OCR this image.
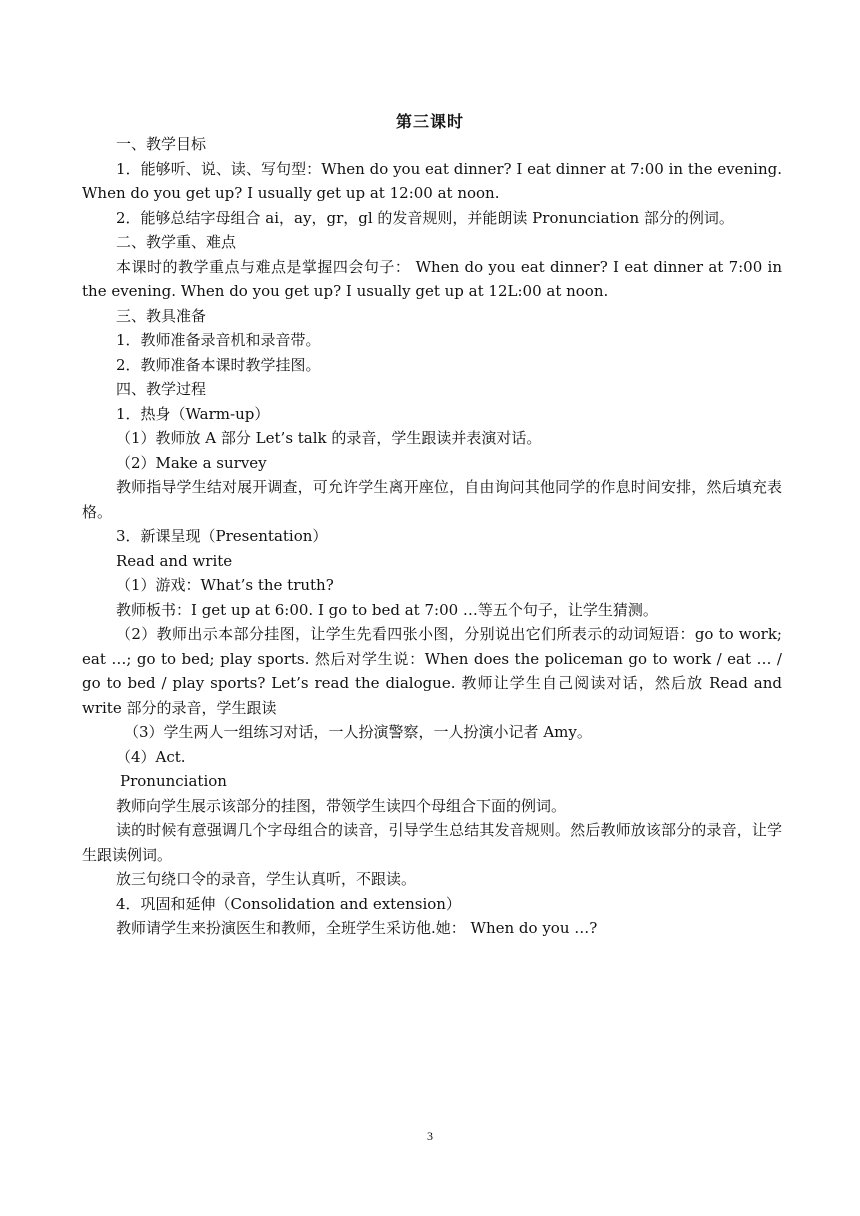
第三课时

一、教学目标

1．能够听、说、读、写句型：When do you eat dinner? I eat dinner at 7:00 in the evening. When do you get up? I usually get up at 12:00 at noon.

2．能够总结字母组合 ai，ay，gr，gl 的发音规则，并能朗读 Pronunciation 部分的例词。

二、教学重、难点

本课时的教学重点与难点是掌握四会句子： When do you eat dinner? I eat dinner at 7:00 in the evening. When do you get up? I usually get up at 12L:00 at noon.

三、教具准备

1．教师准备录音机和录音带。

2．教师准备本课时教学挂图。

四、教学过程

1．热身（Warm-up）

（1）教师放 A 部分 Let’s talk 的录音，学生跟读并表演对话。

（2）Make a survey

教师指导学生结对展开调查，可允许学生离开座位，自由询问其他同学的作息时间安排，然后填充表格。

3．新课呈现（Presentation）

Read and write

（1）游戏：What’s the truth?

教师板书：I get up at 6:00. I go to bed at 7:00 …等五个句子，让学生猜测。

（2）教师出示本部分挂图，让学生先看四张小图，分别说出它们所表示的动词短语：go to work; eat …; go to bed; play sports. 然后对学生说：When does the policeman go to work / eat … / go to bed / play sports? Let’s read the dialogue. 教师让学生自己阅读对话，然后放 Read and write 部分的录音，学生跟读

（3）学生两人一组练习对话，一人扮演警察，一人扮演小记者 Amy。

（4）Act.

Pronunciation

教师向学生展示该部分的挂图，带领学生读四个母组合下面的例词。

读的时候有意强调几个字母组合的读音，引导学生总结其发音规则。然后教师放该部分的录音，让学生跟读例词。

放三句绕口令的录音，学生认真听，不跟读。

4．巩固和延伸（Consolidation and extension）

教师请学生来扮演医生和教师，全班学生采访他.她： When do you …?

3
